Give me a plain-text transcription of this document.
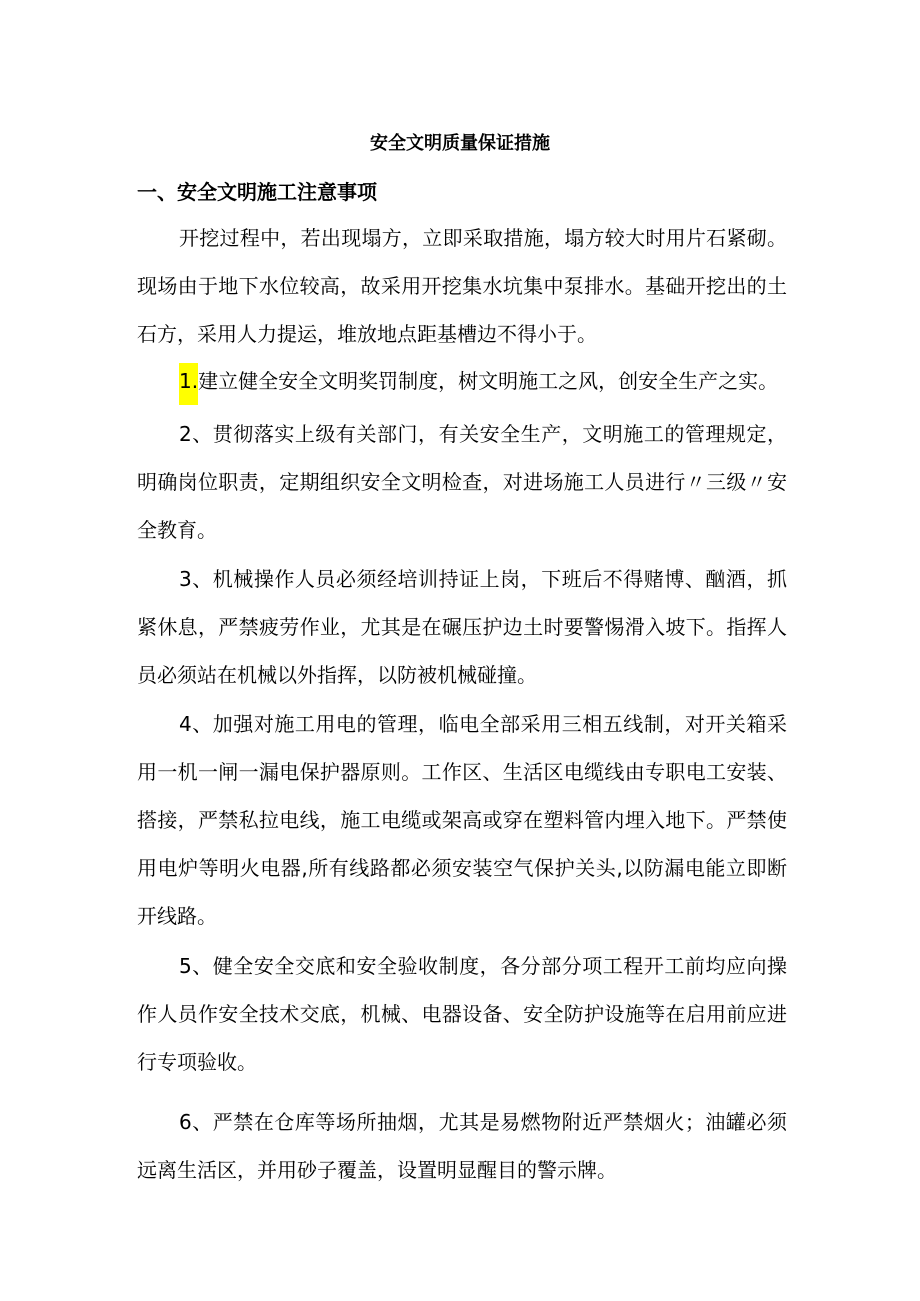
安全文明质量保证措施
一、安全文明施工注意事项
开挖过程中，若出现塌方，立即采取措施，塌方较大时用片石紧砌。现场由于地下水位较高，故采用开挖集水坑集中泵排水。基础开挖出的土石方，采用人力提运，堆放地点距基槽边不得小于。
1.建立健全安全文明奖罚制度，树文明施工之风，创安全生产之实。
2、贯彻落实上级有关部门，有关安全生产，文明施工的管理规定，明确岗位职责，定期组织安全文明检查，对进场施工人员进行〃三级〃安全教育。
3、机械操作人员必须经培训持证上岗，下班后不得赌博、酗酒，抓紧休息，严禁疲劳作业，尤其是在碾压护边土时要警惕滑入坡下。指挥人员必须站在机械以外指挥，以防被机械碰撞。
4、加强对施工用电的管理，临电全部采用三相五线制，对开关箱采用一机一闸一漏电保护器原则。工作区、生活区电缆线由专职电工安装、搭接，严禁私拉电线，施工电缆或架高或穿在塑料管内埋入地下。严禁使用电炉等明火电器,所有线路都必须安装空气保护关头,以防漏电能立即断开线路。
5、健全安全交底和安全验收制度，各分部分项工程开工前均应向操作人员作安全技术交底，机械、电器设备、安全防护设施等在启用前应进行专项验收。
6、严禁在仓库等场所抽烟，尤其是易燃物附近严禁烟火；油罐必须远离生活区，并用砂子覆盖，设置明显醒目的警示牌。
